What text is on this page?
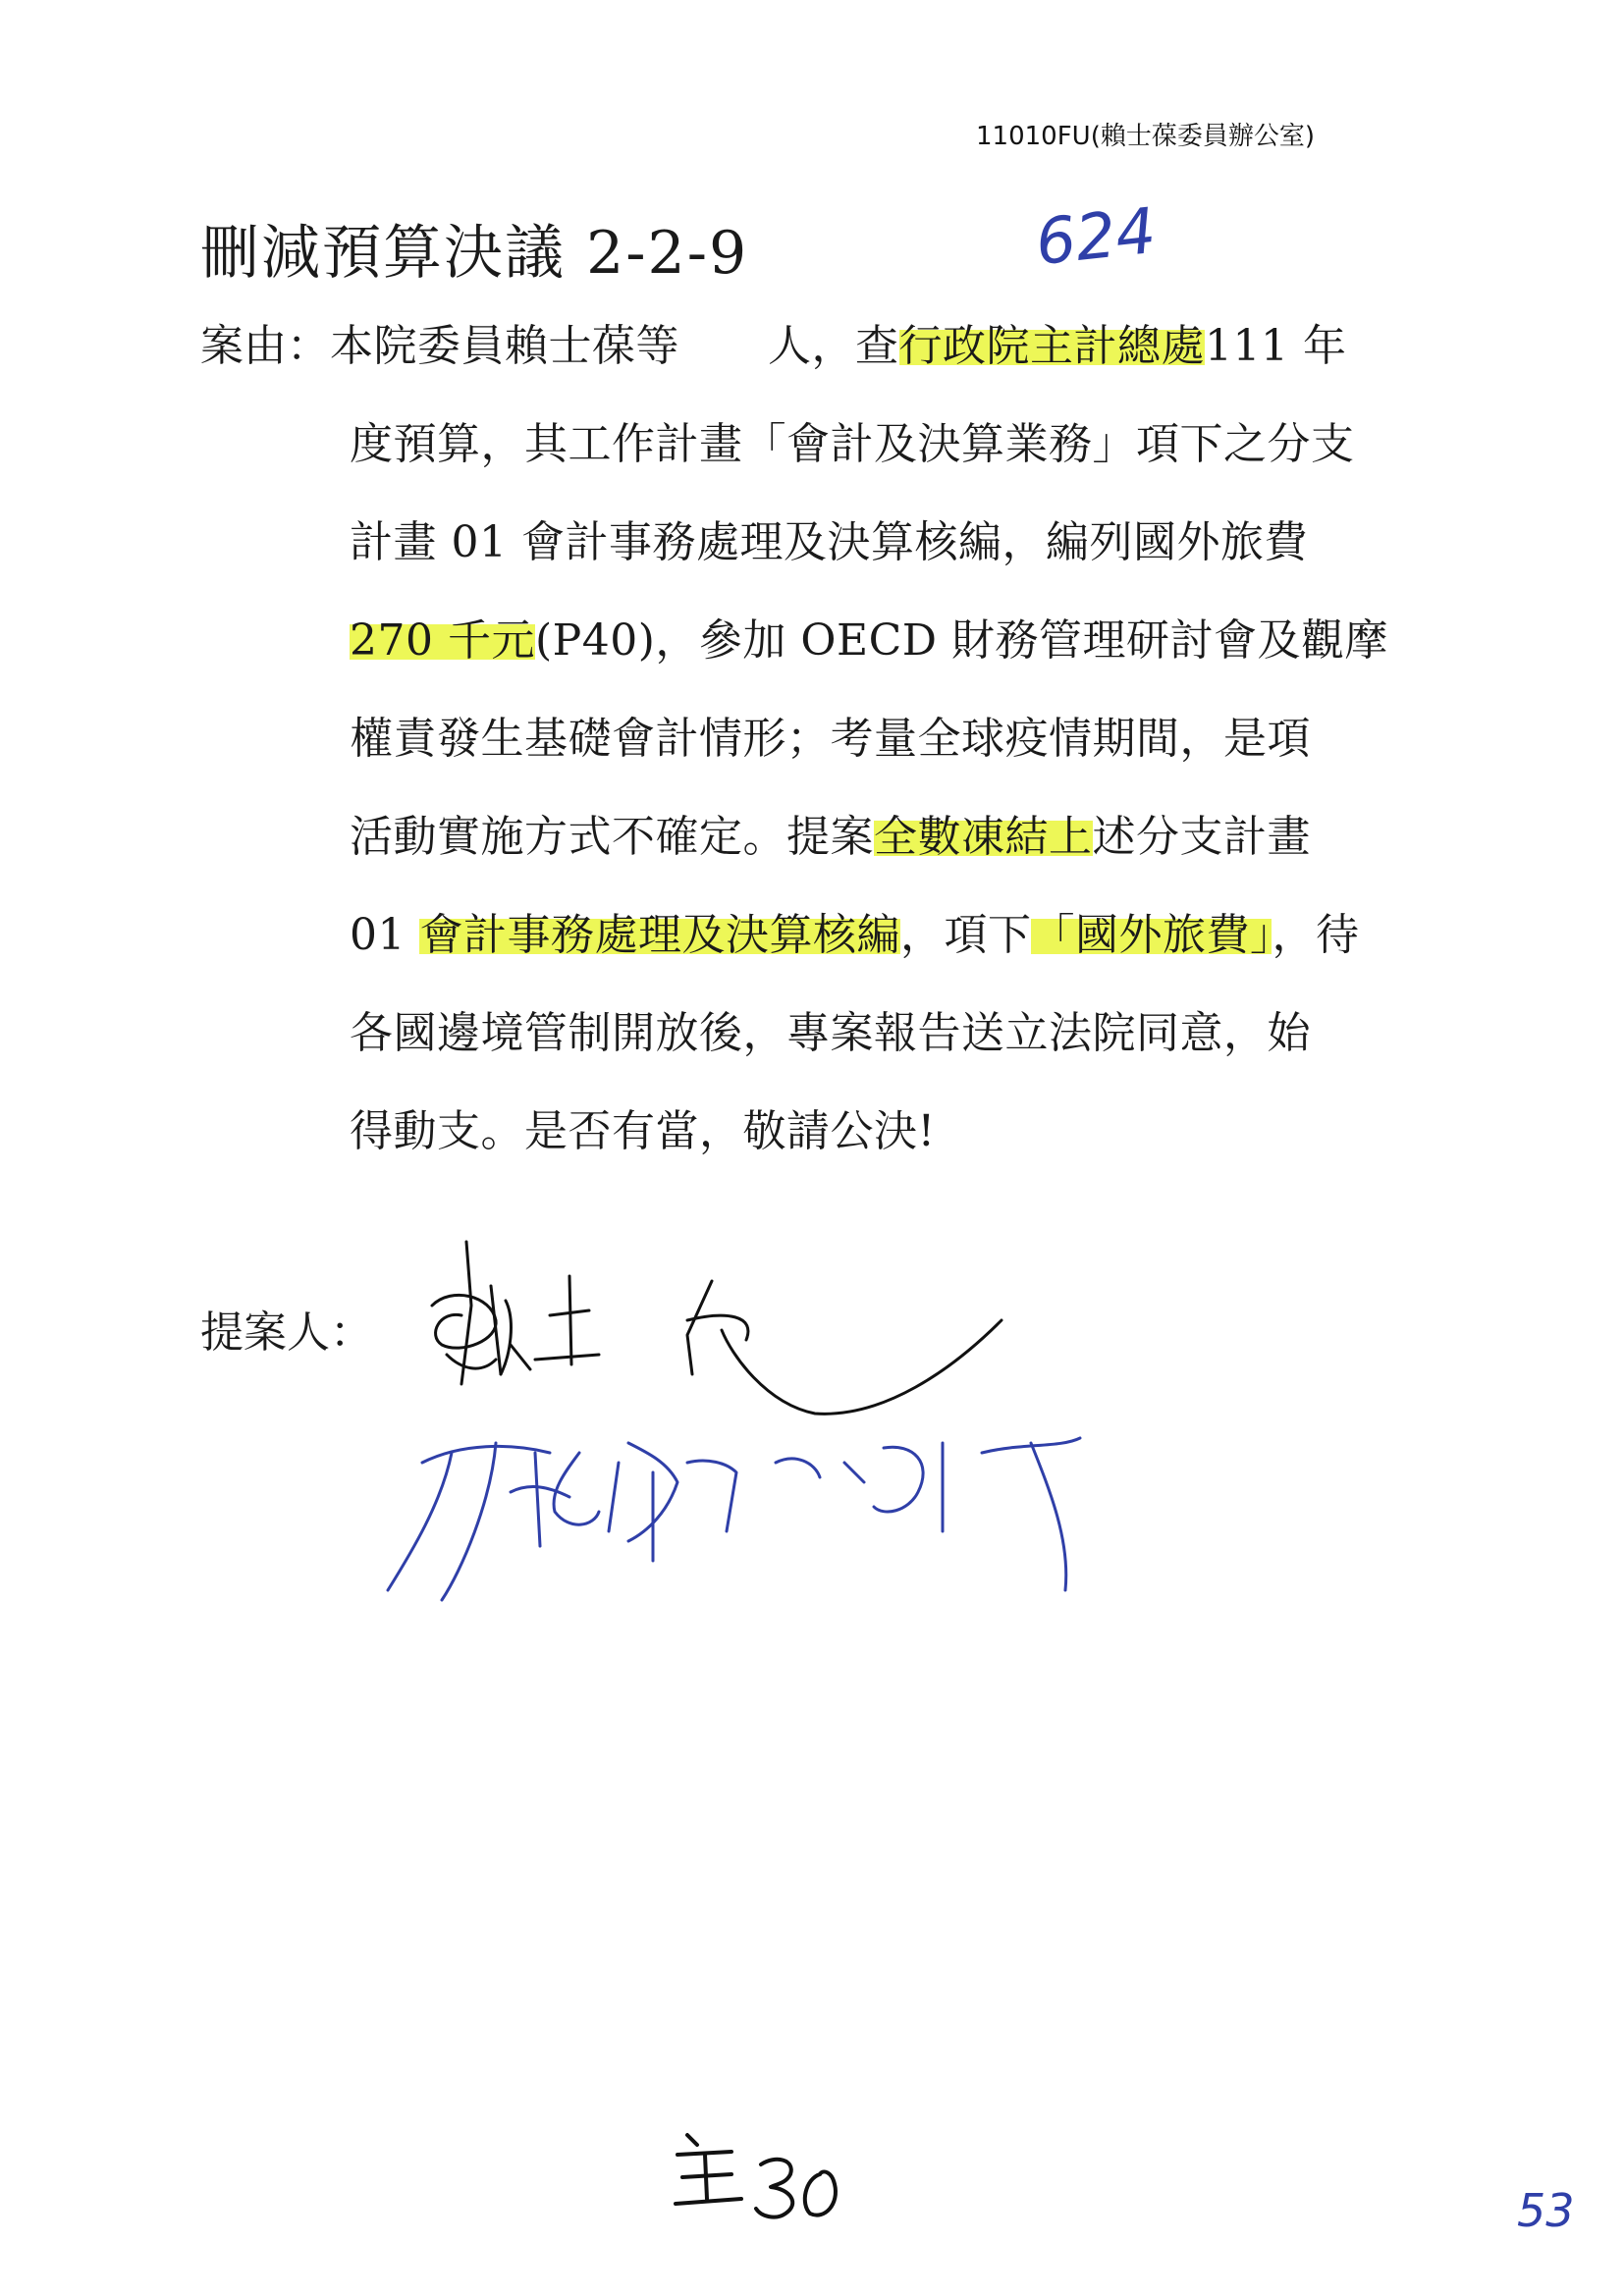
11010FU(賴士葆委員辦公室)
刪減預算決議 2-2-9	624
案由： 本院委員賴士葆等 人，查行政院主計總處111 年
度預算，其工作計畫「會計及決算業務」項下之分支
計畫 01 會計事務處理及決算核編，編列國外旅費
270 千元(P40)，參加 OECD 財務管理研討會及觀摩
權責發生基礎會計情形；考量全球疫情期間，是項
活動實施方式不確定。提案全數凍結上述分支計畫
01 會計事務處理及決算核編，項下「國外旅費」，待
各國邊境管制開放後，專案報告送立法院同意，始
得動支。是否有當，敬請公決!
提案人：
主 30	53
